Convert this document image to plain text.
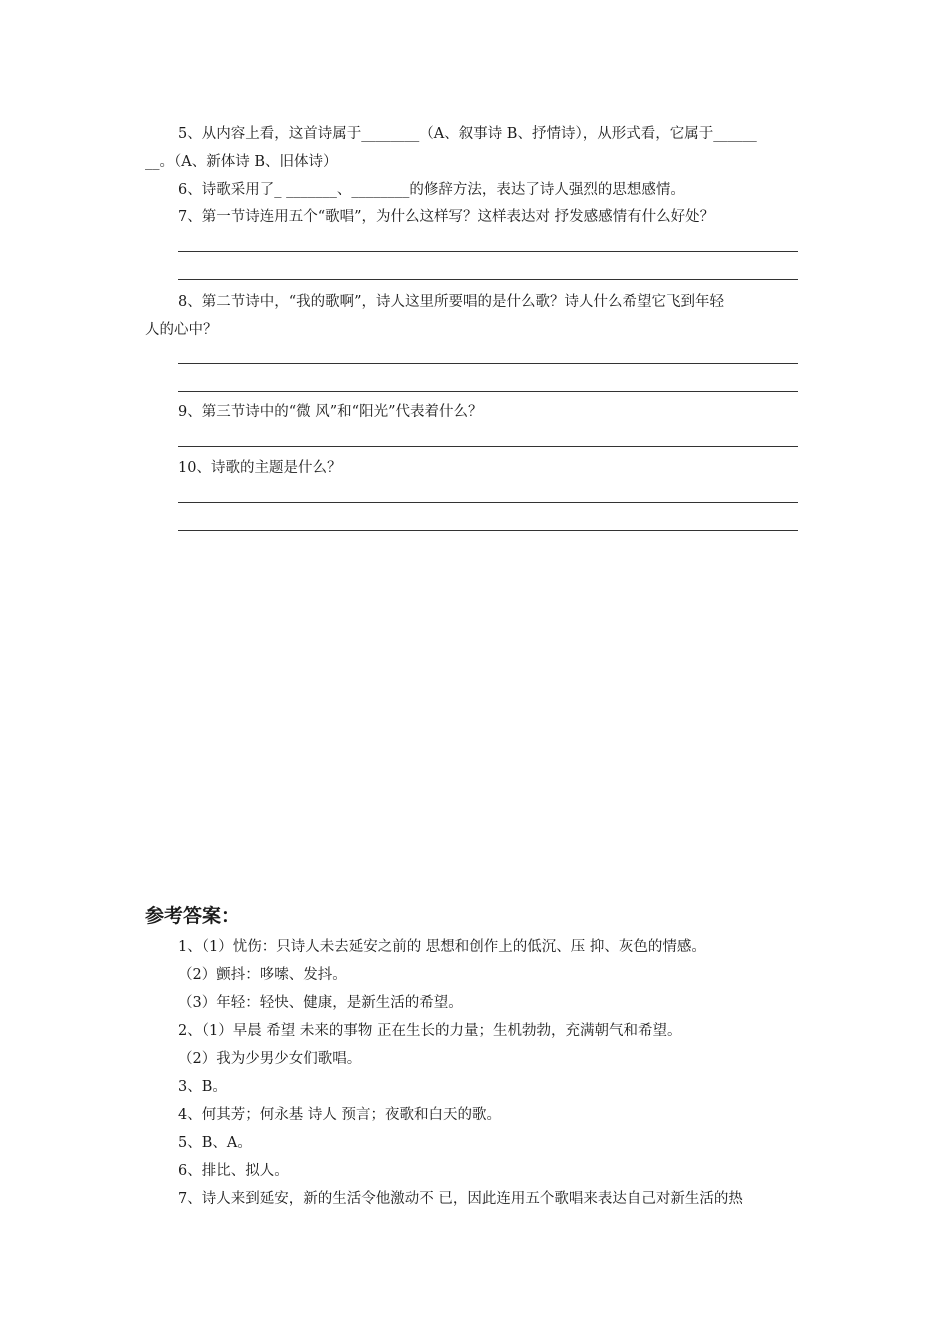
5、从内容上看，这首诗属于________（A、叙事诗 B、抒情诗），从形式看，它属于______
__。（A、新体诗 B、旧体诗）
6、诗歌采用了_ _______、________的修辞方法，表达了诗人强烈的思想感情。
7、第一节诗连用五个“歌唱”，为什么这样写？这样表达对 抒发感感情有什么好处？
8、第二节诗中，“我的歌啊”，诗人这里所要唱的是什么歌？诗人什么希望它飞到年轻
人的心中？
9、第三节诗中的“微 风”和“阳光”代表着什么？
10、诗歌的主题是什么？
参考答案：
1、（1）忧伤：只诗人未去延安之前的 思想和创作上的低沉、压 抑、灰色的情感。
（2）颤抖：哆嗦、发抖。
（3）年轻：轻快、健康，是新生活的希望。
2、（1）早晨 希望 未来的事物 正在生长的力量；生机勃勃，充满朝气和希望。
（2）我为少男少女们歌唱。
3、B。
4、何其芳；何永基 诗人 预言；夜歌和白天的歌。
5、B、A。
6、排比、拟人。
7、诗人来到延安，新的生活令他激动不 已，因此连用五个歌唱来表达自己对新生活的热
